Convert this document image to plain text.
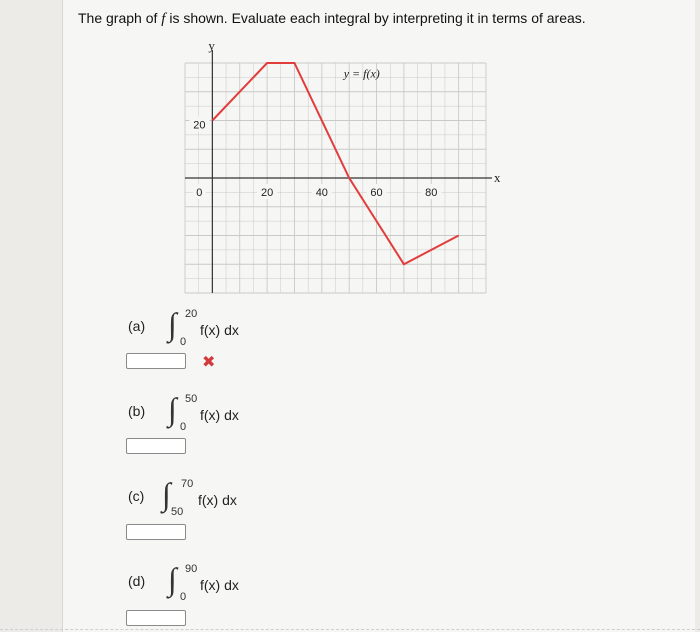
The graph of f is shown. Evaluate each integral by interpreting it in terms of areas.
y
x
20	40	60	80
20
0
y = f(x)
(a) ∫ 20
0
f(x) dx
✖
(b) ∫ 50
0
f(x) dx
(c) ∫ 70
50
f(x) dx
(d) ∫ 90
0
f(x) dx
